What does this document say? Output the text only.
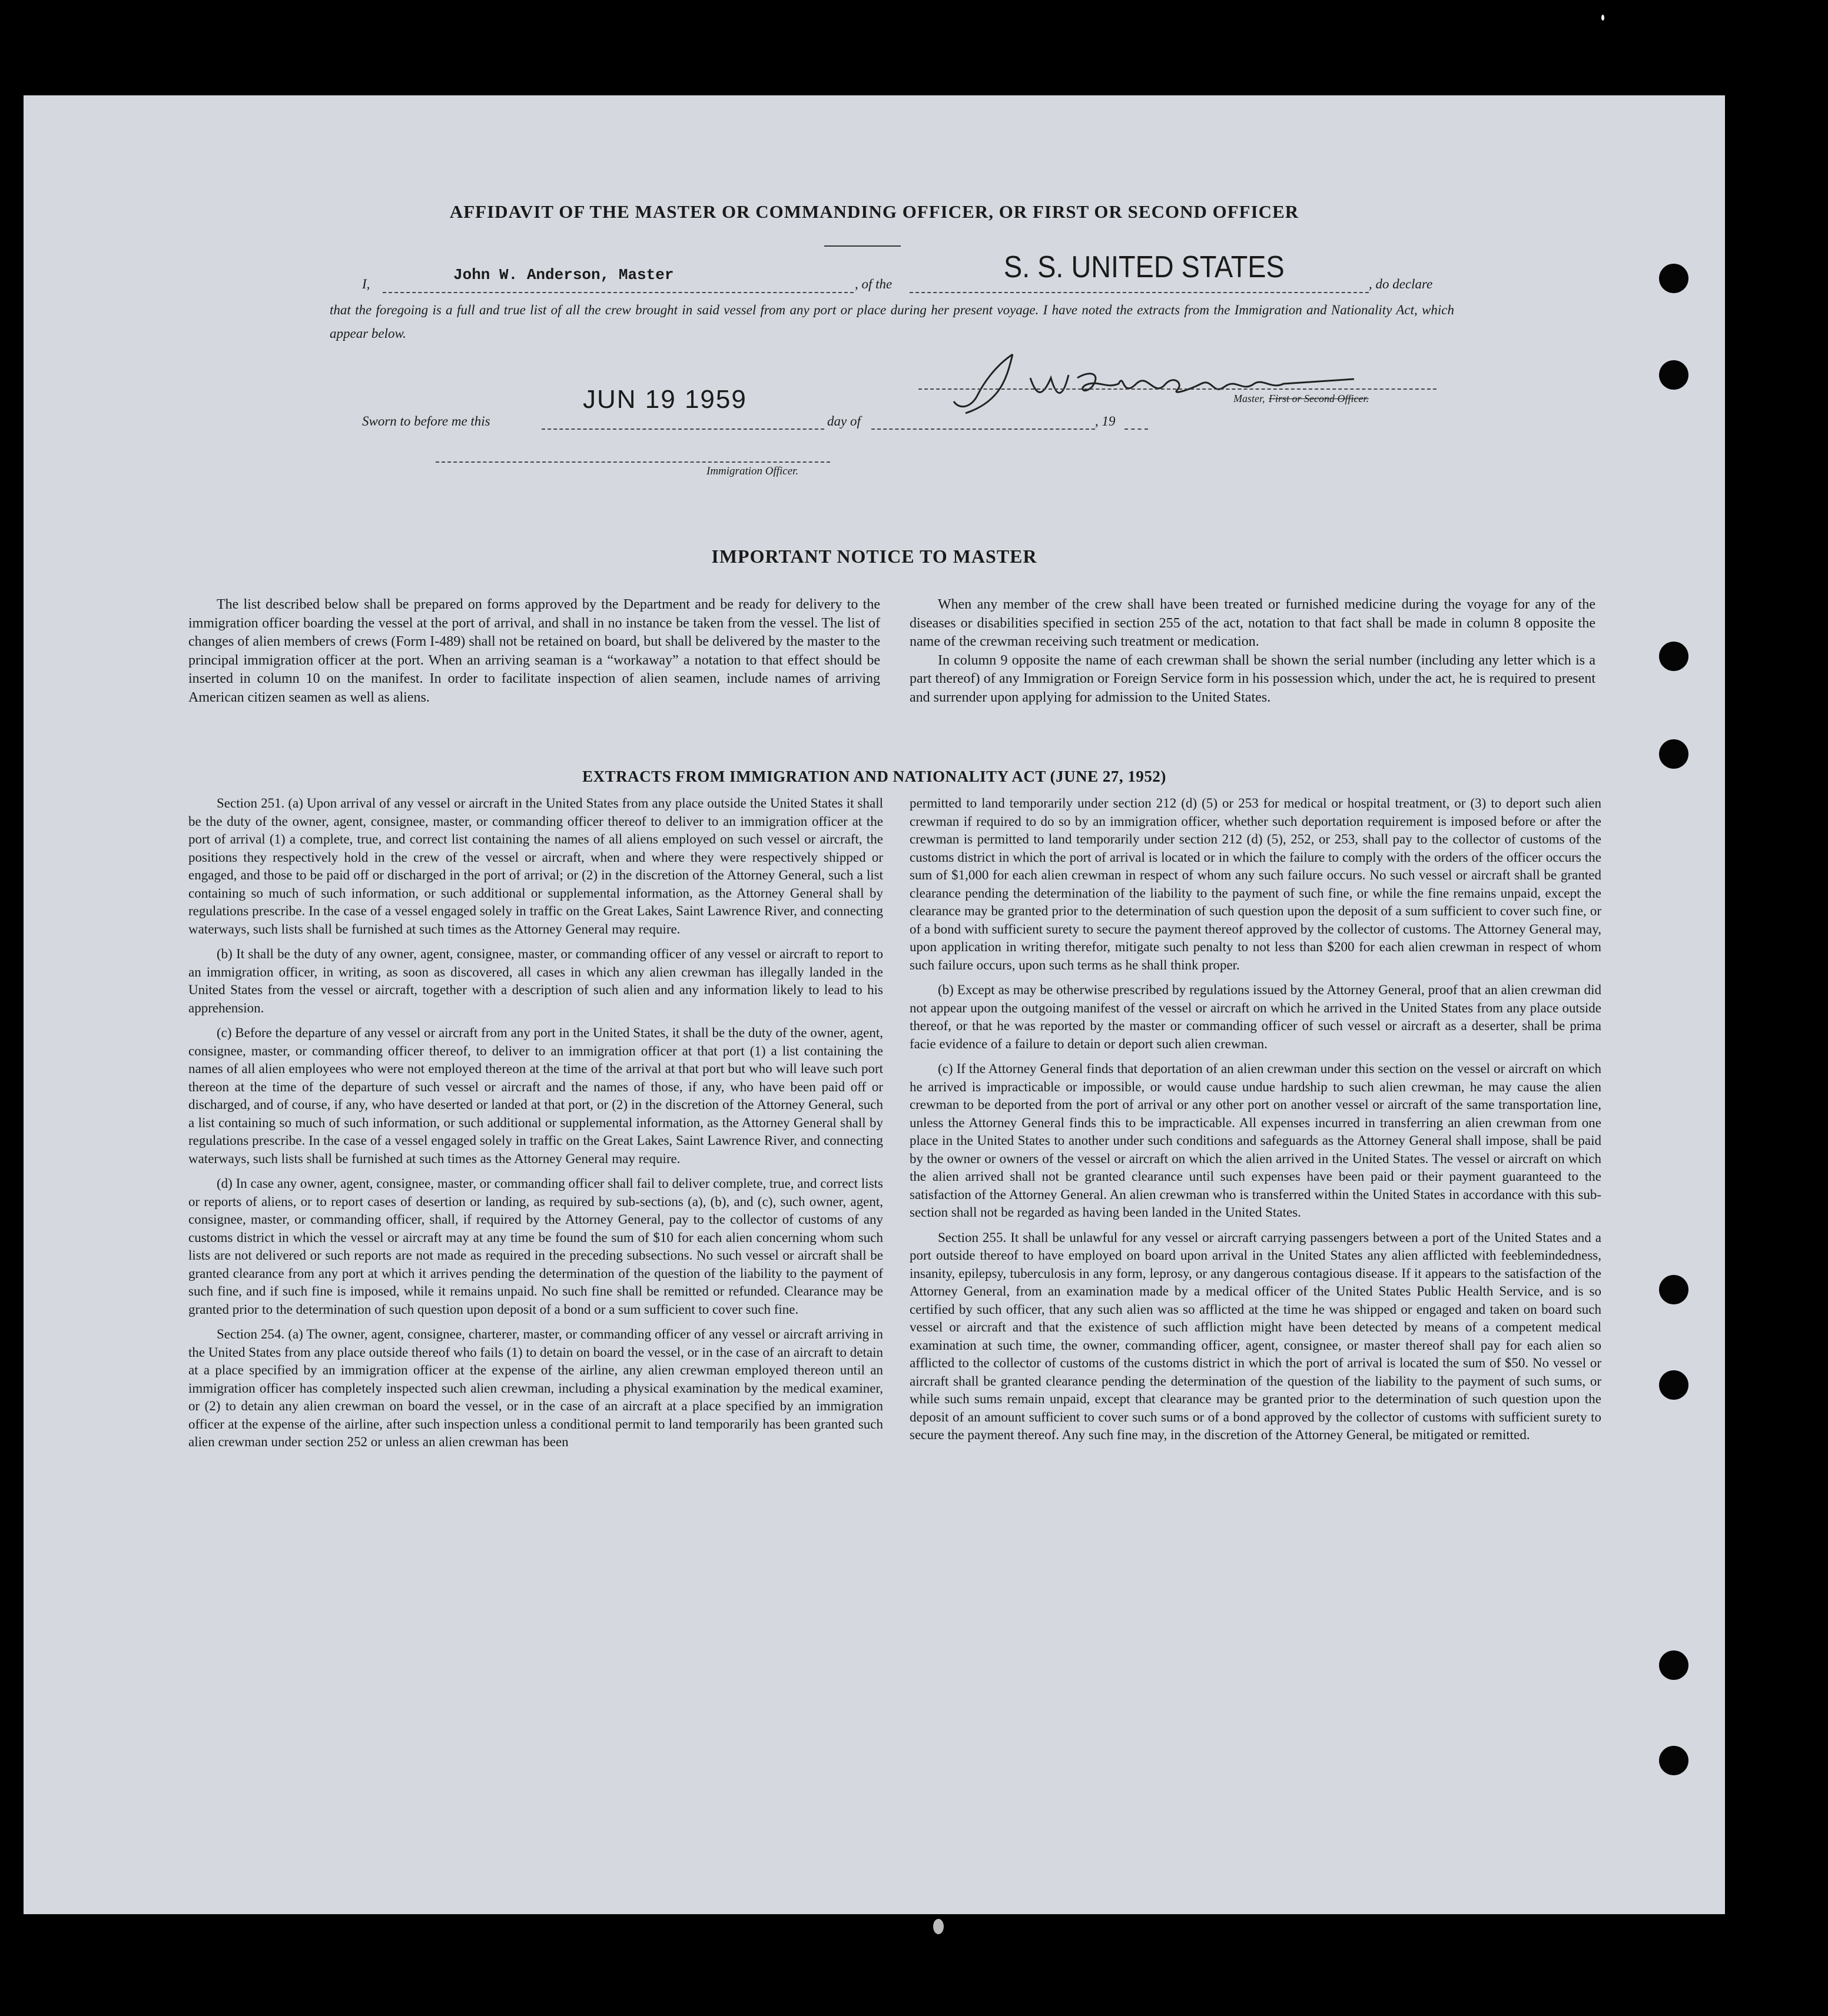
AFFIDAVIT OF THE MASTER OR COMMANDING OFFICER, OR FIRST OR SECOND OFFICER
I,
John W. Anderson, Master
, of the	S. S. UNITED STATES	, do declare
that the foregoing is a full and true list of all the crew brought in said vessel from any port or place during her present voyage. I have noted the extracts from the Immigration and Nationality Act, which appear below.
Master, First or Second Officer.
Sworn to before me this
JUN 19 1959
day of	, 19
Immigration Officer.
IMPORTANT NOTICE TO MASTER

The list described below shall be prepared on forms approved by the Department and be ready for delivery to the immigration officer boarding the vessel at the port of arrival, and shall in no instance be taken from the vessel. The list of changes of alien members of crews (Form I-489) shall not be retained on board, but shall be delivered by the master to the principal immigration officer at the port. When an arriving seaman is a “workaway” a notation to that effect should be inserted in column 10 on the manifest. In order to facilitate inspection of alien seamen, include names of arriving American citizen seamen as well as aliens.

When any member of the crew shall have been treated or furnished medicine during the voyage for any of the diseases or disabilities specified in section 255 of the act, notation to that fact shall be made in column 8 opposite the name of the crewman receiving such treatment or medication.

In column 9 opposite the name of each crewman shall be shown the serial number (including any letter which is a part thereof) of any Immigration or Foreign Service form in his possession which, under the act, he is required to present and surrender upon applying for admission to the United States.

EXTRACTS FROM IMMIGRATION AND NATIONALITY ACT (JUNE 27, 1952)

Section 251. (a) Upon arrival of any vessel or aircraft in the United States from any place outside the United States it shall be the duty of the owner, agent, consignee, master, or commanding officer thereof to deliver to an immigration officer at the port of arrival (1) a complete, true, and correct list containing the names of all aliens employed on such vessel or aircraft, the positions they respectively hold in the crew of the vessel or aircraft, when and where they were respectively shipped or engaged, and those to be paid off or discharged in the port of arrival; or (2) in the discretion of the Attorney General, such a list containing so much of such information, or such additional or supplemental information, as the Attorney General shall by regulations prescribe. In the case of a vessel engaged solely in traffic on the Great Lakes, Saint Lawrence River, and connecting waterways, such lists shall be furnished at such times as the Attorney General may require.

(b) It shall be the duty of any owner, agent, consignee, master, or commanding officer of any vessel or aircraft to report to an immigration officer, in writing, as soon as discovered, all cases in which any alien crewman has illegally landed in the United States from the vessel or aircraft, together with a description of such alien and any information likely to lead to his apprehension.

(c) Before the departure of any vessel or aircraft from any port in the United States, it shall be the duty of the owner, agent, consignee, master, or commanding officer thereof, to deliver to an immigration officer at that port (1) a list containing the names of all alien employees who were not employed thereon at the time of the arrival at that port but who will leave such port thereon at the time of the departure of such vessel or aircraft and the names of those, if any, who have been paid off or discharged, and of course, if any, who have deserted or landed at that port, or (2) in the discretion of the Attorney General, such a list containing so much of such information, or such additional or supplemental information, as the Attorney General shall by regulations prescribe. In the case of a vessel engaged solely in traffic on the Great Lakes, Saint Lawrence River, and connecting waterways, such lists shall be furnished at such times as the Attorney General may require.

(d) In case any owner, agent, consignee, master, or commanding officer shall fail to deliver complete, true, and correct lists or reports of aliens, or to report cases of desertion or landing, as required by sub-sections (a), (b), and (c), such owner, agent, consignee, master, or commanding officer, shall, if required by the Attorney General, pay to the collector of customs of any customs district in which the vessel or aircraft may at any time be found the sum of $10 for each alien concerning whom such lists are not delivered or such reports are not made as required in the preceding subsections. No such vessel or aircraft shall be granted clearance from any port at which it arrives pending the determination of the question of the liability to the payment of such fine, and if such fine is imposed, while it remains unpaid. No such fine shall be remitted or refunded. Clearance may be granted prior to the determination of such question upon deposit of a bond or a sum sufficient to cover such fine.

Section 254. (a) The owner, agent, consignee, charterer, master, or commanding officer of any vessel or aircraft arriving in the United States from any place outside thereof who fails (1) to detain on board the vessel, or in the case of an aircraft to detain at a place specified by an immigration officer at the expense of the airline, any alien crewman employed thereon until an immigration officer has completely inspected such alien crewman, including a physical examination by the medical examiner, or (2) to detain any alien crewman on board the vessel, or in the case of an aircraft at a place specified by an immigration officer at the expense of the airline, after such inspection unless a conditional permit to land temporarily has been granted such alien crewman under section 252 or unless an alien crewman has been

permitted to land temporarily under section 212 (d) (5) or 253 for medical or hospital treatment, or (3) to deport such alien crewman if required to do so by an immigration officer, whether such deportation requirement is imposed before or after the crewman is permitted to land temporarily under section 212 (d) (5), 252, or 253, shall pay to the collector of customs of the customs district in which the port of arrival is located or in which the failure to comply with the orders of the officer occurs the sum of $1,000 for each alien crewman in respect of whom any such failure occurs. No such vessel or aircraft shall be granted clearance pending the determination of the liability to the payment of such fine, or while the fine remains unpaid, except the clearance may be granted prior to the determination of such question upon the deposit of a sum sufficient to cover such fine, or of a bond with sufficient surety to secure the payment thereof approved by the collector of customs. The Attorney General may, upon application in writing therefor, mitigate such penalty to not less than $200 for each alien crewman in respect of whom such failure occurs, upon such terms as he shall think proper.

(b) Except as may be otherwise prescribed by regulations issued by the Attorney General, proof that an alien crewman did not appear upon the outgoing manifest of the vessel or aircraft on which he arrived in the United States from any place outside thereof, or that he was reported by the master or commanding officer of such vessel or aircraft as a deserter, shall be prima facie evidence of a failure to detain or deport such alien crewman.

(c) If the Attorney General finds that deportation of an alien crewman under this section on the vessel or aircraft on which he arrived is impracticable or impossible, or would cause undue hardship to such alien crewman, he may cause the alien crewman to be deported from the port of arrival or any other port on another vessel or aircraft of the same transportation line, unless the Attorney General finds this to be impracticable. All expenses incurred in transferring an alien crewman from one place in the United States to another under such conditions and safeguards as the Attorney General shall impose, shall be paid by the owner or owners of the vessel or aircraft on which the alien arrived in the United States. The vessel or aircraft on which the alien arrived shall not be granted clearance until such expenses have been paid or their payment guaranteed to the satisfaction of the Attorney General. An alien crewman who is transferred within the United States in accordance with this sub-section shall not be regarded as having been landed in the United States.

Section 255. It shall be unlawful for any vessel or aircraft carrying passengers between a port of the United States and a port outside thereof to have employed on board upon arrival in the United States any alien afflicted with feeblemindedness, insanity, epilepsy, tuberculosis in any form, leprosy, or any dangerous contagious disease. If it appears to the satisfaction of the Attorney General, from an examination made by a medical officer of the United States Public Health Service, and is so certified by such officer, that any such alien was so afflicted at the time he was shipped or engaged and taken on board such vessel or aircraft and that the existence of such affliction might have been detected by means of a competent medical examination at such time, the owner, commanding officer, agent, consignee, or master thereof shall pay for each alien so afflicted to the collector of customs of the customs district in which the port of arrival is located the sum of $50. No vessel or aircraft shall be granted clearance pending the determination of the question of the liability to the payment of such sums, or while such sums remain unpaid, except that clearance may be granted prior to the determination of such question upon the deposit of an amount sufficient to cover such sums or of a bond approved by the collector of customs with sufficient surety to secure the payment thereof. Any such fine may, in the discretion of the Attorney General, be mitigated or remitted.
